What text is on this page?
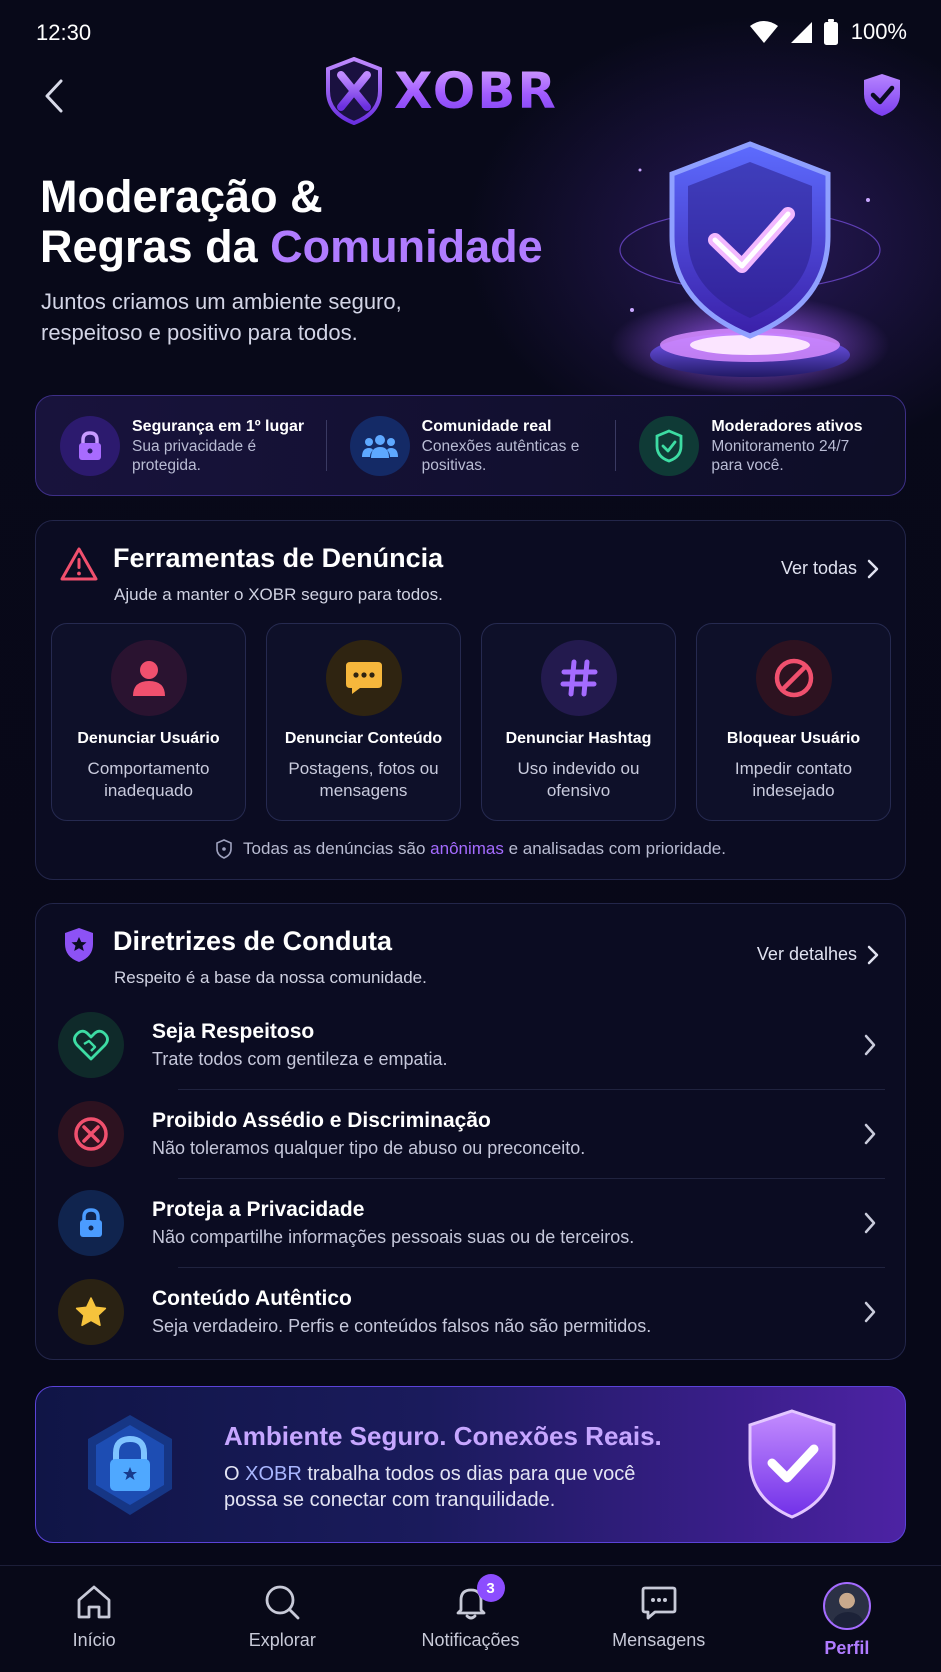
12:30	100%
XOBR
Moderação &
Regras da Comunidade
Juntos criamos um ambiente seguro, respeitoso e positivo para todos.
Segurança em 1º lugar
Sua privacidade é protegida.
Comunidade real
Conexões autênticas e positivas.
Moderadores ativos
Monitoramento 24/7 para você.
Ferramentas de Denúncia
Ajude a manter o XOBR seguro para todos.
Ver todas
Denunciar Usuário
Comportamento inadequado
Denunciar Conteúdo
Postagens, fotos ou mensagens
Denunciar Hashtag
Uso indevido ou ofensivo
Bloquear Usuário
Impedir contato indesejado
Todas as denúncias são anônimas e analisadas com prioridade.
Diretrizes de Conduta
Respeito é a base da nossa comunidade.
Ver detalhes
Seja Respeitoso
Trate todos com gentileza e empatia.
Proibido Assédio e Discriminação
Não toleramos qualquer tipo de abuso ou preconceito.
Proteja a Privacidade
Não compartilhe informações pessoais suas ou de terceiros.
Conteúdo Autêntico
Seja verdadeiro. Perfis e conteúdos falsos não são permitidos.
Ambiente Seguro. Conexões Reais.
O XOBR trabalha todos os dias para que você possa se conectar com tranquilidade.
Início	Explorar
3
Notificações	Mensagens	Perfil
